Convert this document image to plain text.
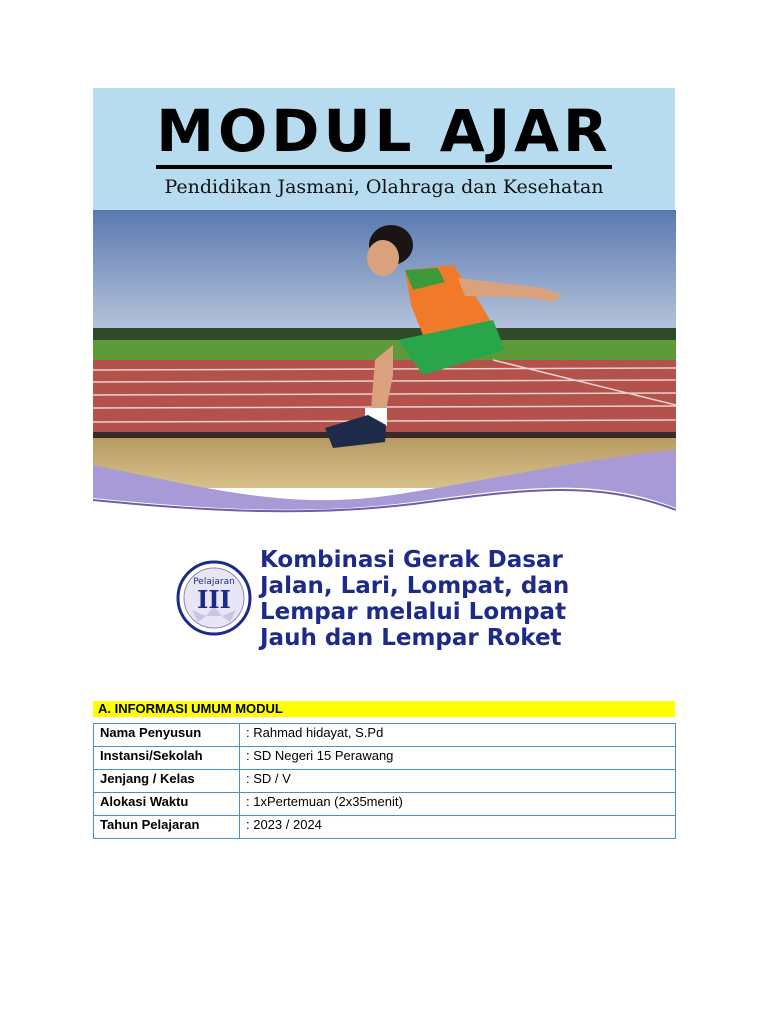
MODUL AJAR
Pendidikan Jasmani, Olahraga dan Kesehatan
III
Pelajaran
Kombinasi Gerak Dasar
Jalan, Lari, Lompat, dan
Lempar melalui Lompat
Jauh dan Lempar Roket
A. INFORMASI UMUM MODUL
Nama Penyusun	: Rahmad hidayat, S.Pd
Instansi/Sekolah	: SD Negeri 15 Perawang
Jenjang / Kelas	: SD / V
Alokasi Waktu	: 1xPertemuan (2x35menit)
Tahun Pelajaran	: 2023 / 2024
